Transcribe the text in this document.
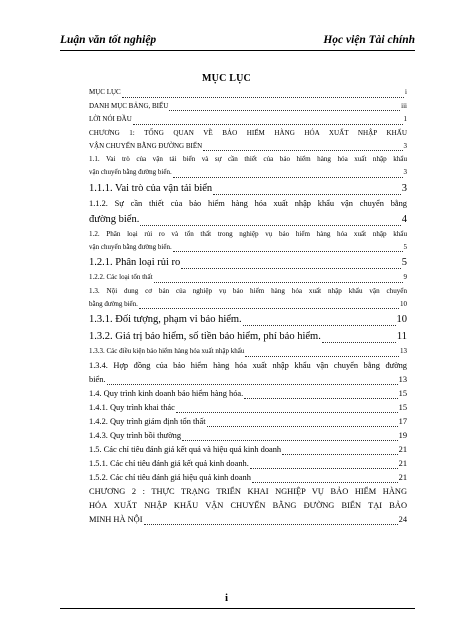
Luận văn tốt nghiệp	Học viện Tài chính
MỤC LỤC
MỤC LỤC	i
DANH MỤC BẢNG, BIỂU	iii
LỜI NÓI ĐẦU	1
CHƯƠNG 1: TỔNG QUAN VỀ BẢO HIỂM HÀNG HÓA XUẤT NHẬP KHẨU
VẬN CHUYỂN BẰNG ĐƯỜNG BIỂN	3
1.1. Vai trò của vận tải biển và sự cần thiết của bảo hiểm hàng hóa xuất nhập khẩu
vận chuyển bằng đường biển.	3
1.1.1. Vai trò của vận tải biển	3
1.1.2. Sự cần thiết của bảo hiểm hàng hóa xuất nhập khẩu vận chuyển bằng
đường biển.	4
1.2. Phân loại rủi ro và tổn thất trong nghiệp vụ bảo hiểm hàng hóa xuất nhập khẩu
vận chuyển bằng đường biển.	5
1.2.1. Phân loại rủi ro	5
1.2.2. Các loại tổn thất	9
1.3. Nội dung cơ bản của nghiệp vụ bảo hiểm hàng hóa xuất nhập khẩu vận chuyển
bằng đường biển.	10
1.3.1. Đối tượng, phạm vi bảo hiểm.	10
1.3.2. Giá trị bảo hiểm, số tiền bảo hiểm, phí bảo hiểm.	11
1.3.3. Các điều kiện bảo hiểm hàng hóa xuất nhập khẩu	13
1.3.4. Hợp đồng của bảo hiểm hàng hóa xuất nhập khẩu vận chuyển bằng đường
biển.	13
1.4. Quy trình kinh doanh bảo hiểm hàng hóa.	15
1.4.1. Quy trình khai thác	15
1.4.2. Quy trình giám định tổn thất	17
1.4.3. Quy trình bồi thường	19
1.5. Các chỉ tiêu đánh giá kết quả và hiệu quả kinh doanh	21
1.5.1. Các chỉ tiêu đánh giá kết quả kinh doanh.	21
1.5.2. Các chỉ tiêu đánh giá hiệu quả kinh doanh	21
CHƯƠNG 2 : THỰC TRẠNG TRIỂN KHAI NGHIỆP VỤ BẢO HIỂM HÀNG
HÓA XUẤT NHẬP KHẨU VẬN CHUYỂN BẰNG ĐƯỜNG BIỂN TẠI BẢO
MINH HÀ NỘI	24
i
